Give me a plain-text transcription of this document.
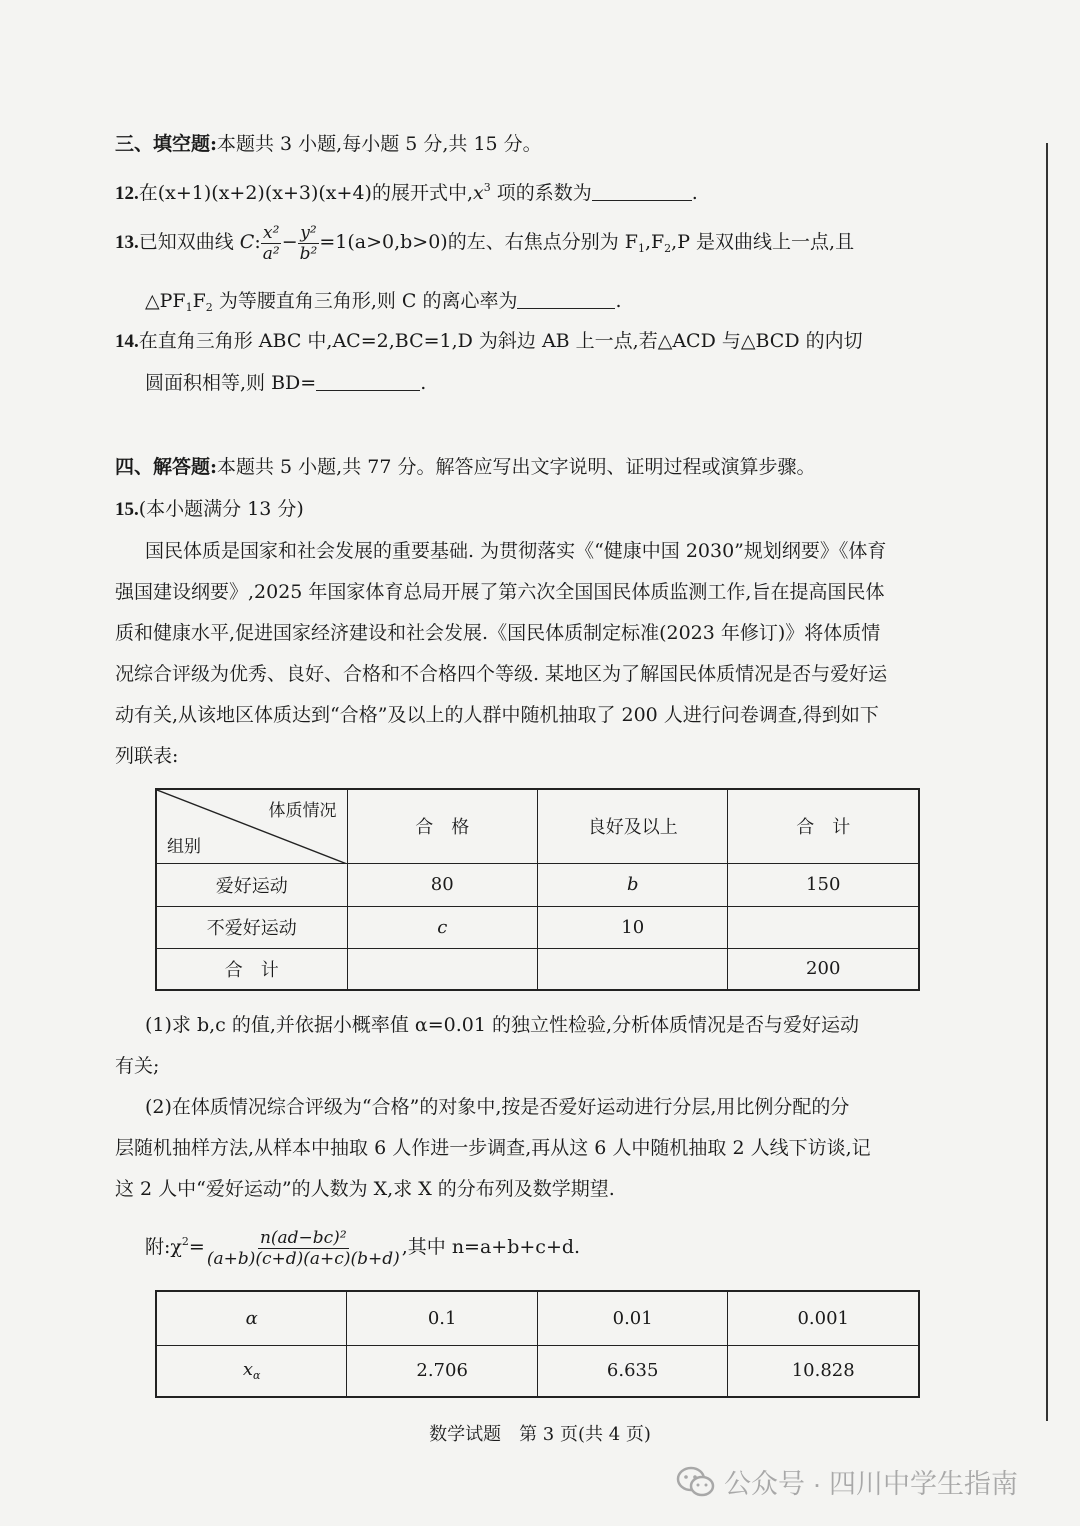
三、填空题:本题共 3 小题,每小题 5 分,共 15 分。
12.在(x+1)(x+2)(x+3)(x+4)的展开式中$,x^3$ 项的系数为	.
13.已知双曲线 C: $\frac{\text{x²}}{\text{a²}} - \frac{\text{y²}}{\text{b²}} =1(a>0,b>0)$的左、右焦点分别为 $F_1,F_2,P$ 是双曲线上一点,且
$\triangle PF_1F_2$ 为等腰直角三角形,则 C 的离心率为	.
14.在直角三角形 ABC 中,AC=2,BC=1,D 为斜边 AB 上一点,若△ACD 与△BCD 的内切
圆面积相等,则 BD=	.
四、解答题:本题共 5 小题,共 77 分。解答应写出文字说明、证明过程或演算步骤。
15.(本小题满分 13 分)
国民体质是国家和社会发展的重要基础. 为贯彻落实《“健康中国 2030”规划纲要》《体育
强国建设纲要》,2025 年国家体育总局开展了第六次全国国民体质监测工作,旨在提高国民体
质和健康水平,促进国家经济建设和社会发展.《国民体质制定标准(2023 年修订)》将体质情
况综合评级为优秀、良好、合格和不合格四个等级. 某地区为了解国民体质情况是否与爱好运
动有关,从该地区体质达到“合格”及以上的人群中随机抽取了 200 人进行问卷调查,得到如下
列联表:
体质情况
组别	合　格	良好及以上	合　计
爱好运动	80	b	150
不爱好运动	c	10	
合　计			200
(1)求 b,c 的值,并依据小概率值 α=0.01 的独立性检验,分析体质情况是否与爱好运动
有关;
(2)在体质情况综合评级为“合格”的对象中,按是否爱好运动进行分层,用比例分配的分
层随机抽样方法,从样本中抽取 6 人作进一步调查,再从这 6 人中随机抽取 2 人线下访谈,记
这 2 人中“爱好运动”的人数为 X,求 X 的分布列及数学期望.
附$:\chi^2= \frac{\text{n(ad−bc)²}}{(a+b)(c+d)(a+c)(b+d)}$ ,其中 n=a+b+c+d.
α	0.1	0.01	0.001
$x_\alpha$	2.706	6.635	10.828
数学试题　第 3 页(共 4 页)
公众号 · 四川中学生指南
